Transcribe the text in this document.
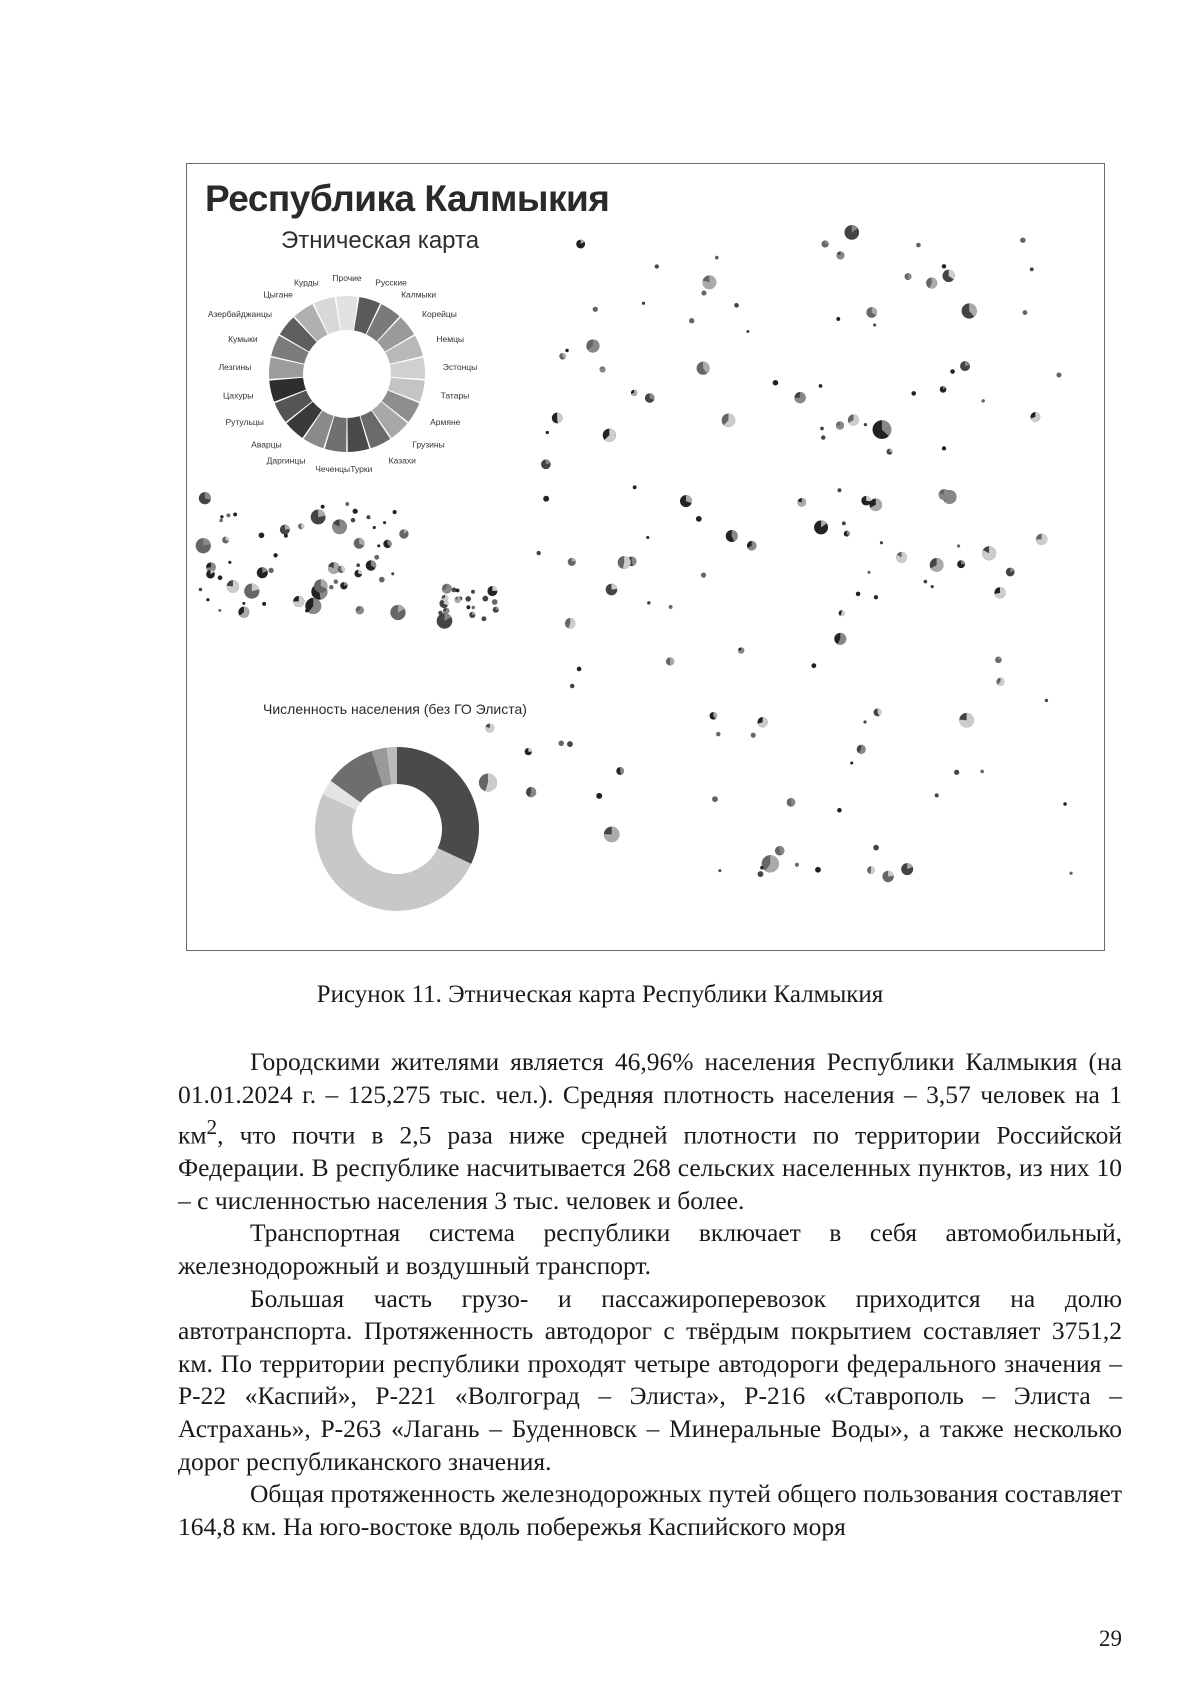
Республика Калмыкия
Этническая карта
Прочие Русские
Калмыки
Корейцы
Немцы
Эстонцы
Татары
Армяне
Грузины
Казахи
Турки
Чеченцы
Даргинцы
Аварцы
Рутульцы
Цахуры
Лезгины
Кумыки
Азербайджанцы
Цыгане
Курды
Численность населения (без ГО Элиста)
Рисунок 11. Этническая карта Республики Калмыкия

Городскими жителями является 46,96% населения Республики Калмыкия (на 01.01.2024 г. – 125,275 тыс. чел.). Средняя плотность населения – 3,57 человек на 1 $км^2$, что почти в 2,5 раза ниже средней плотности по территории Российской Федерации. В республике насчитывается 268 сельских населенных пунктов, из них 10 – с численностью населения 3 тыс. человек и более.

Транспортная система республики включает в себя автомобильный, железнодорожный и воздушный транспорт.

Большая часть грузо- и пассажироперевозок приходится на долю автотранспорта. Протяженность автодорог с твёрдым покрытием составляет 3751,2 км. По территории республики проходят четыре автодороги федерального значения – Р-22 «Каспий», Р-221 «Волгоград – Элиста», Р-216 «Ставрополь – Элиста – Астрахань», Р-263 «Лагань – Буденновск – Минеральные Воды», а также несколько дорог республиканского значения.

Общая протяженность железнодорожных путей общего пользования составляет 164,8 км. На юго-востоке вдоль побережья Каспийского моря

29
